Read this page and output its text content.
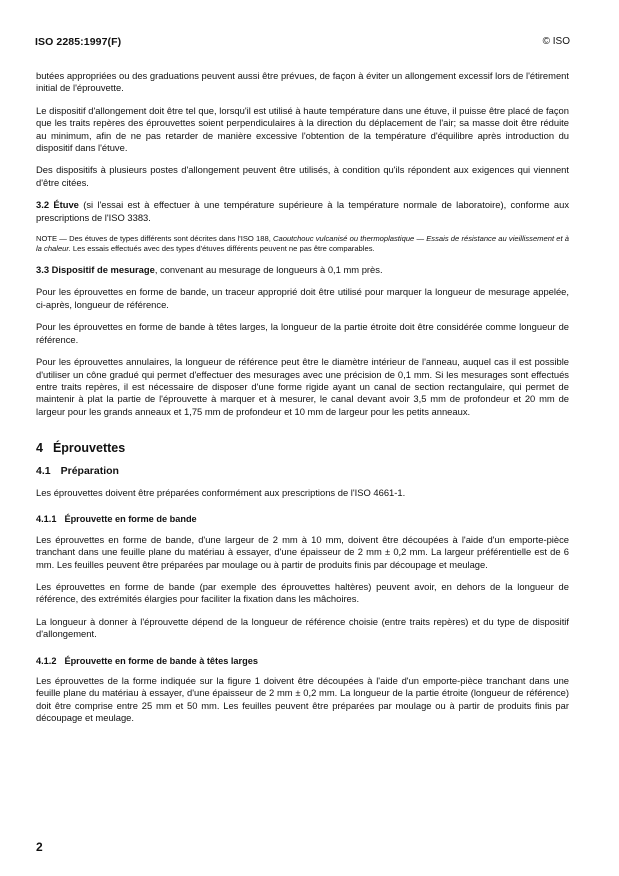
ISO 2285:1997(F)	© ISO

butées appropriées ou des graduations peuvent aussi être prévues, de façon à éviter un allongement excessif lors de l'étirement initial de l'éprouvette.

Le dispositif d'allongement doit être tel que, lorsqu'il est utilisé à haute température dans une étuve, il puisse être placé de façon que les traits repères des éprouvettes soient perpendiculaires à la direction du déplacement de l'air; sa masse doit être réduite au minimum, afin de ne pas retarder de manière excessive l'obtention de la température d'équilibre après introduction du dispositif dans l'étuve.

Des dispositifs à plusieurs postes d'allongement peuvent être utilisés, à condition qu'ils répondent aux exigences qui viennent d'être citées.

3.2 Étuve (si l'essai est à effectuer à une température supérieure à la température normale de laboratoire), conforme aux prescriptions de l'ISO 3383.

NOTE — Des étuves de types différents sont décrites dans l'ISO 188, Caoutchouc vulcanisé ou thermoplastique — Essais de résistance au vieillissement et à la chaleur. Les essais effectués avec des types d'étuves différents peuvent ne pas être comparables.

3.3 Dispositif de mesurage, convenant au mesurage de longueurs à 0,1 mm près.

Pour les éprouvettes en forme de bande, un traceur approprié doit être utilisé pour marquer la longueur de mesurage appelée, ci-après, longueur de référence.

Pour les éprouvettes en forme de bande à têtes larges, la longueur de la partie étroite doit être considérée comme longueur de référence.

Pour les éprouvettes annulaires, la longueur de référence peut être le diamètre intérieur de l'anneau, auquel cas il est possible d'utiliser un cône gradué qui permet d'effectuer des mesurages avec une précision de 0,1 mm. Si les mesurages sont effectués entre traits repères, il est nécessaire de disposer d'une forme rigide ayant un canal de section rectangulaire, qui permet de maintenir à plat la partie de l'éprouvette à marquer et à mesurer, le canal devant avoir 3,5 mm de profondeur et 20 mm de largeur pour les grands anneaux et 1,75 mm de profondeur et 10 mm de largeur pour les petits anneaux.

4 Éprouvettes
4.1 Préparation

Les éprouvettes doivent être préparées conformément aux prescriptions de l'ISO 4661-1.

4.1.1 Éprouvette en forme de bande

Les éprouvettes en forme de bande, d'une largeur de 2 mm à 10 mm, doivent être découpées à l'aide d'un emporte-pièce tranchant dans une feuille plane du matériau à essayer, d'une épaisseur de 2 mm ± 0,2 mm. La largeur préférentielle est de 6 mm. Les feuilles peuvent être préparées par moulage ou à partir de produits finis par découpage et meulage.

Les éprouvettes en forme de bande (par exemple des éprouvettes haltères) peuvent avoir, en dehors de la longueur de référence, des extrémités élargies pour faciliter la fixation dans les mâchoires.

La longueur à donner à l'éprouvette dépend de la longueur de référence choisie (entre traits repères) et du type de dispositif d'allongement.

4.1.2 Éprouvette en forme de bande à têtes larges

Les éprouvettes de la forme indiquée sur la figure 1 doivent être découpées à l'aide d'un emporte-pièce tranchant dans une feuille plane du matériau à essayer, d'une épaisseur de 2 mm ± 0,2 mm. La longueur de la partie étroite (longueur de référence) doit être comprise entre 25 mm et 50 mm. Les feuilles peuvent être préparées par moulage ou à partir de produits finis par découpage et meulage.

2
